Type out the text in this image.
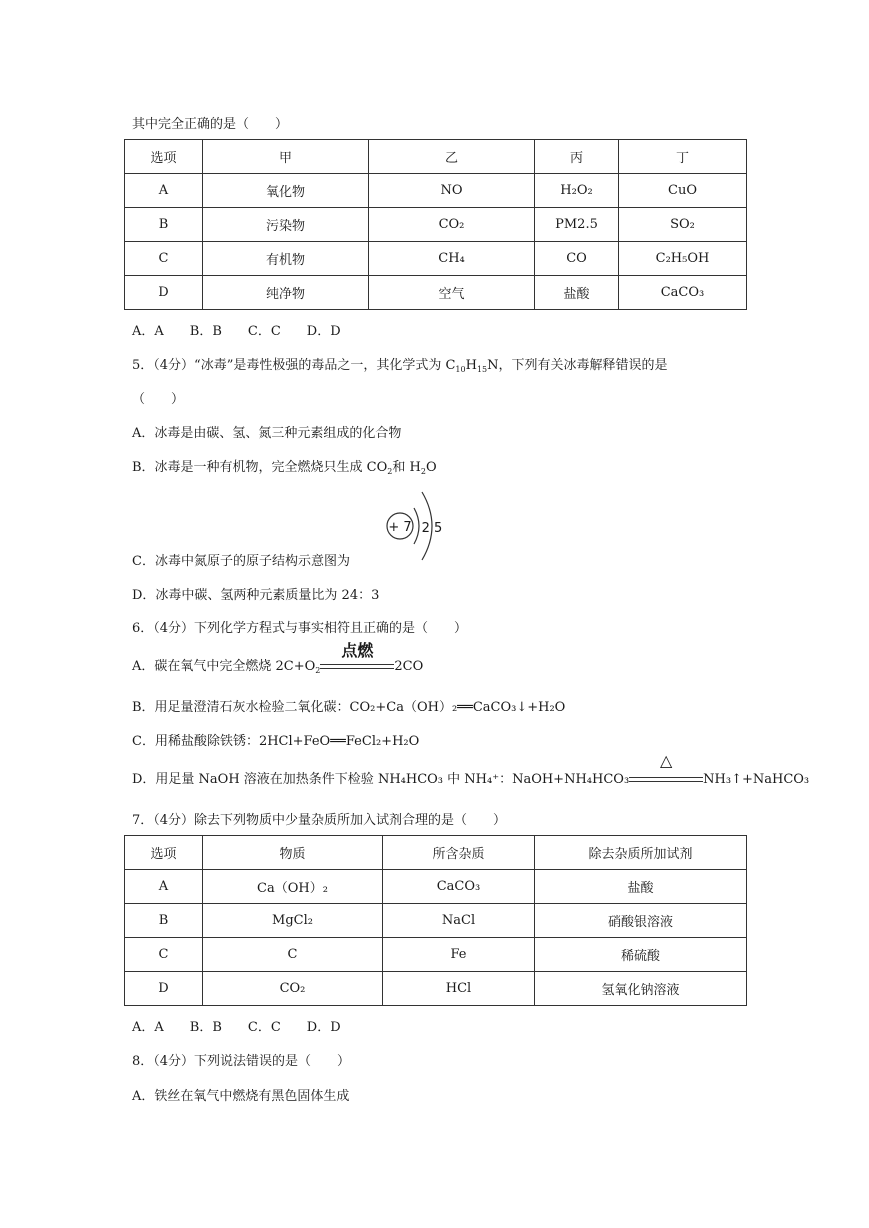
其中完全正确的是（　　）
选项	甲	乙	丙	丁
A	氧化物	NO	H₂O₂	CuO
B	污染物	CO₂	PM2.5	SO₂
C	有机物	CH₄	CO	C₂H₅OH
D	纯净物	空气	盐酸	CaCO₃
A．A　　B．B　　C．C　　D．D
5．（4分）“冰毒”是毒性极强的毒品之一，其化学式为 $C_{10}H_{15}N$，下列有关冰毒解释错误的是
（　　）
A．冰毒是由碳、氢、氮三种元素组成的化合物
B．冰毒是一种有机物，完全燃烧只生成 $CO_2$和 $H_2O$
+ 7 2 5
C．冰毒中氮原子的原子结构示意图为
D．冰毒中碳、氢两种元素质量比为 24：3
6．（4分）下列化学方程式与事实相符且正确的是（　　）
A．碳在氧气中完全燃烧 $2C+O_2$
点燃
2CO
B．用足量澄清石灰水检验二氧化碳：CO₂+Ca（OH）₂══CaCO₃↓+H₂O
C．用稀盐酸除铁锈：2HCl+FeO══FeCl₂+H₂O
D．用足量 NaOH 溶液在加热条件下检验 NH₄HCO₃ 中 NH₄⁺：NaOH+NH₄HCO₃
△
NH₃↑+NaHCO₃
7．（4分）除去下列物质中少量杂质所加入试剂合理的是（　　）
选项	物质	所含杂质	除去杂质所加试剂
A	Ca（OH）₂	CaCO₃	盐酸
B	MgCl₂	NaCl	硝酸银溶液
C	C	Fe	稀硫酸
D	CO₂	HCl	氢氧化钠溶液
A．A　　B．B　　C．C　　D．D
8．（4分）下列说法错误的是（　　）
A．铁丝在氧气中燃烧有黑色固体生成
